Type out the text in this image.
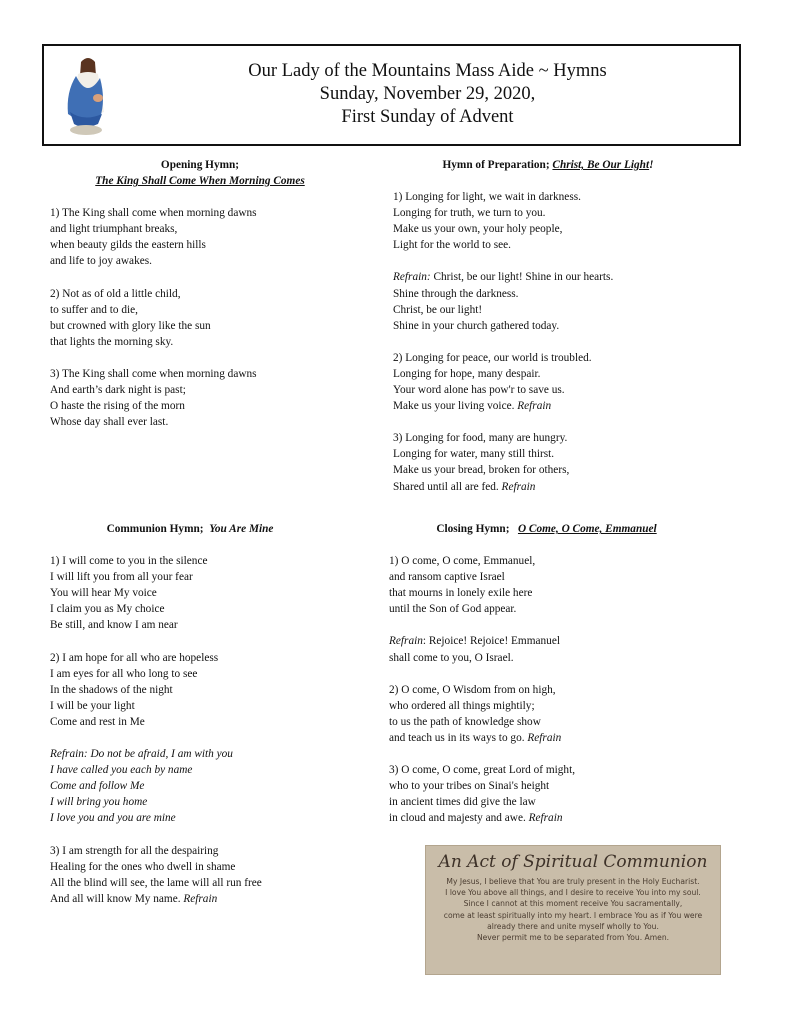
Our Lady of the Mountains Mass Aide ~ Hymns
Sunday, November 29, 2020,
First Sunday of Advent
Opening Hymn;
The King Shall Come When Morning Comes

1) The King shall come when morning dawns

and light triumphant breaks,

when beauty gilds the eastern hills

and life to joy awakes.

2) Not as of old a little child,

to suffer and to die,

but crowned with glory like the sun

that lights the morning sky.

3) The King shall come when morning dawns

And earth’s dark night is past;

O haste the rising of the morn

Whose day shall ever last.

Hymn of Preparation; Christ, Be Our Light!

1) Longing for light, we wait in darkness.

Longing for truth, we turn to you.

Make us your own, your holy people,

Light for the world to see.

Refrain: Christ, be our light! Shine in our hearts.

Shine through the darkness.

Christ, be our light!

Shine in your church gathered today.

2) Longing for peace, our world is troubled.

Longing for hope, many despair.

Your word alone has pow'r to save us.

Make us your living voice. Refrain

3) Longing for food, many are hungry.

Longing for water, many still thirst.

Make us your bread, broken for others,

Shared until all are fed. Refrain

Communion Hymn; You Are Mine

1) I will come to you in the silence

I will lift you from all your fear

You will hear My voice

I claim you as My choice

Be still, and know I am near

2) I am hope for all who are hopeless

I am eyes for all who long to see

In the shadows of the night

I will be your light

Come and rest in Me

Refrain: Do not be afraid, I am with you

I have called you each by name

Come and follow Me

I will bring you home

I love you and you are mine

3) I am strength for all the despairing

Healing for the ones who dwell in shame

All the blind will see, the lame will all run free

And all will know My name. Refrain

Closing Hymn; O Come, O Come, Emmanuel

1) O come, O come, Emmanuel,

and ransom captive Israel

that mourns in lonely exile here

until the Son of God appear.

Refrain: Rejoice! Rejoice! Emmanuel

shall come to you, O Israel.

2) O come, O Wisdom from on high,

who ordered all things mightily;

to us the path of knowledge show

and teach us in its ways to go. Refrain

3) O come, O come, great Lord of might,

who to your tribes on Sinai's height

in ancient times did give the law

in cloud and majesty and awe. Refrain

An Act of Spiritual Communion
My Jesus, I believe that You are truly present in the Holy Eucharist.
I love You above all things, and I desire to receive You into my soul.
Since I cannot at this moment receive You sacramentally,
come at least spiritually into my heart. I embrace You as if You were
already there and unite myself wholly to You.
Never permit me to be separated from You. Amen.
